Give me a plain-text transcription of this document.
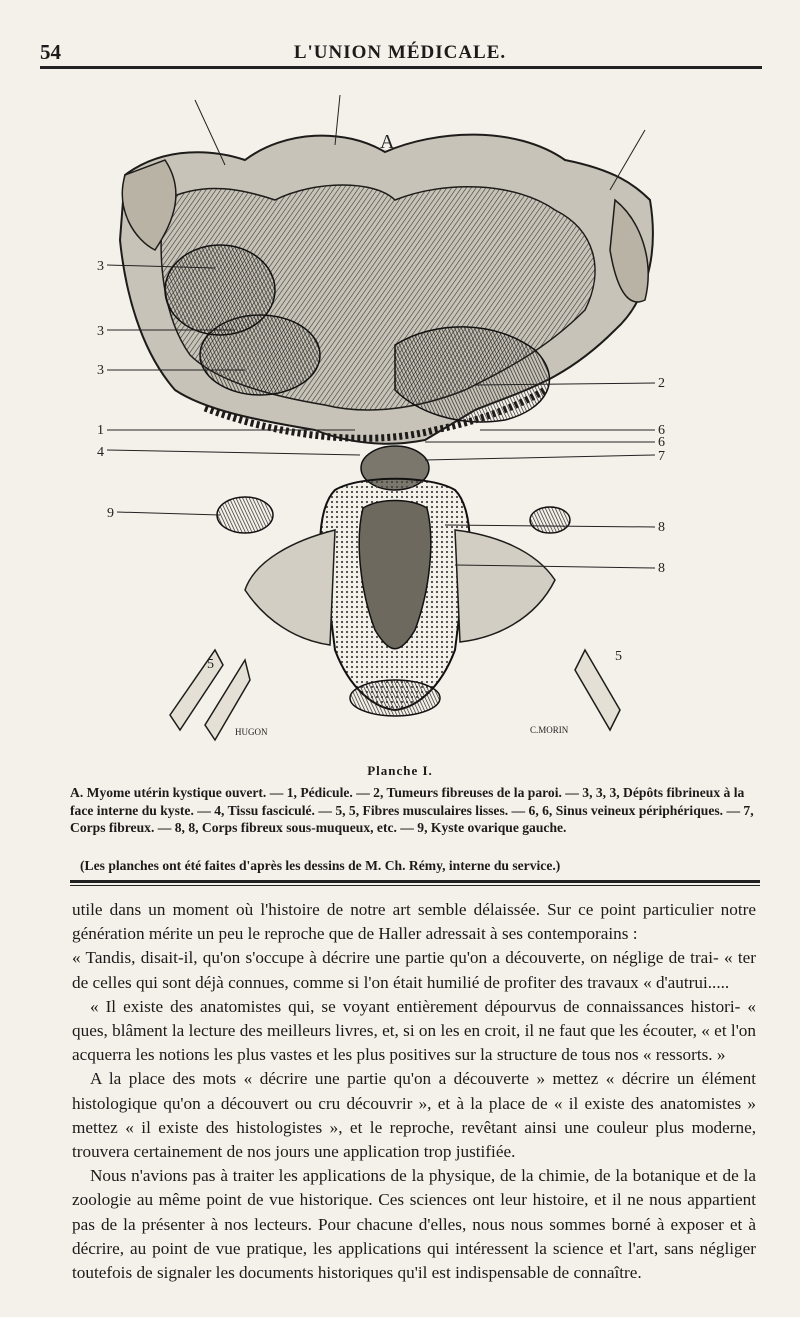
54	L'UNION MÉDICALE.
A
3
3
3
1
4
9
2
6
6
7
8
8
5
5
HUGON	C.MORIN
Planche I.

A. Myome utérin kystique ouvert. — 1, Pédicule. — 2, Tumeurs fibreuses de la paroi. — 3, 3, 3, Dépôts fibrineux à la face interne du kyste. — 4, Tissu fasciculé. — 5, 5, Fibres musculaires lisses. — 6, 6, Sinus veineux périphériques. — 7, Corps fibreux. — 8, 8, Corps fibreux sous-muqueux, etc. — 9, Kyste ovarique gauche.

(Les planches ont été faites d'après les dessins de M. Ch. Rémy, interne du service.)

utile dans un moment où l'histoire de notre art semble délaissée. Sur ce point particulier notre génération mérite un peu le reproche que de Haller adressait à ses contemporains :

« Tandis, disait-il, qu'on s'occupe à décrire une partie qu'on a découverte, on néglige de trai- « ter de celles qui sont déjà connues, comme si l'on était humilié de profiter des travaux « d'autrui.....

« Il existe des anatomistes qui, se voyant entièrement dépourvus de connaissances histori- « ques, blâment la lecture des meilleurs livres, et, si on les en croit, il ne faut que les écouter, « et l'on acquerra les notions les plus vastes et les plus positives sur la structure de tous nos « ressorts. »

A la place des mots « décrire une partie qu'on a découverte » mettez « décrire un élément histologique qu'on a découvert ou cru découvrir », et à la place de « il existe des anatomistes » mettez « il existe des histologistes », et le reproche, revêtant ainsi une couleur plus moderne, trouvera certainement de nos jours une application trop justifiée.

Nous n'avions pas à traiter les applications de la physique, de la chimie, de la botanique et de la zoologie au même point de vue historique. Ces sciences ont leur histoire, et il ne nous appartient pas de la présenter à nos lecteurs. Pour chacune d'elles, nous nous sommes borné à exposer et à décrire, au point de vue pratique, les applications qui intéressent la science et l'art, sans négliger toutefois de signaler les documents historiques qu'il est indispensable de connaître.
